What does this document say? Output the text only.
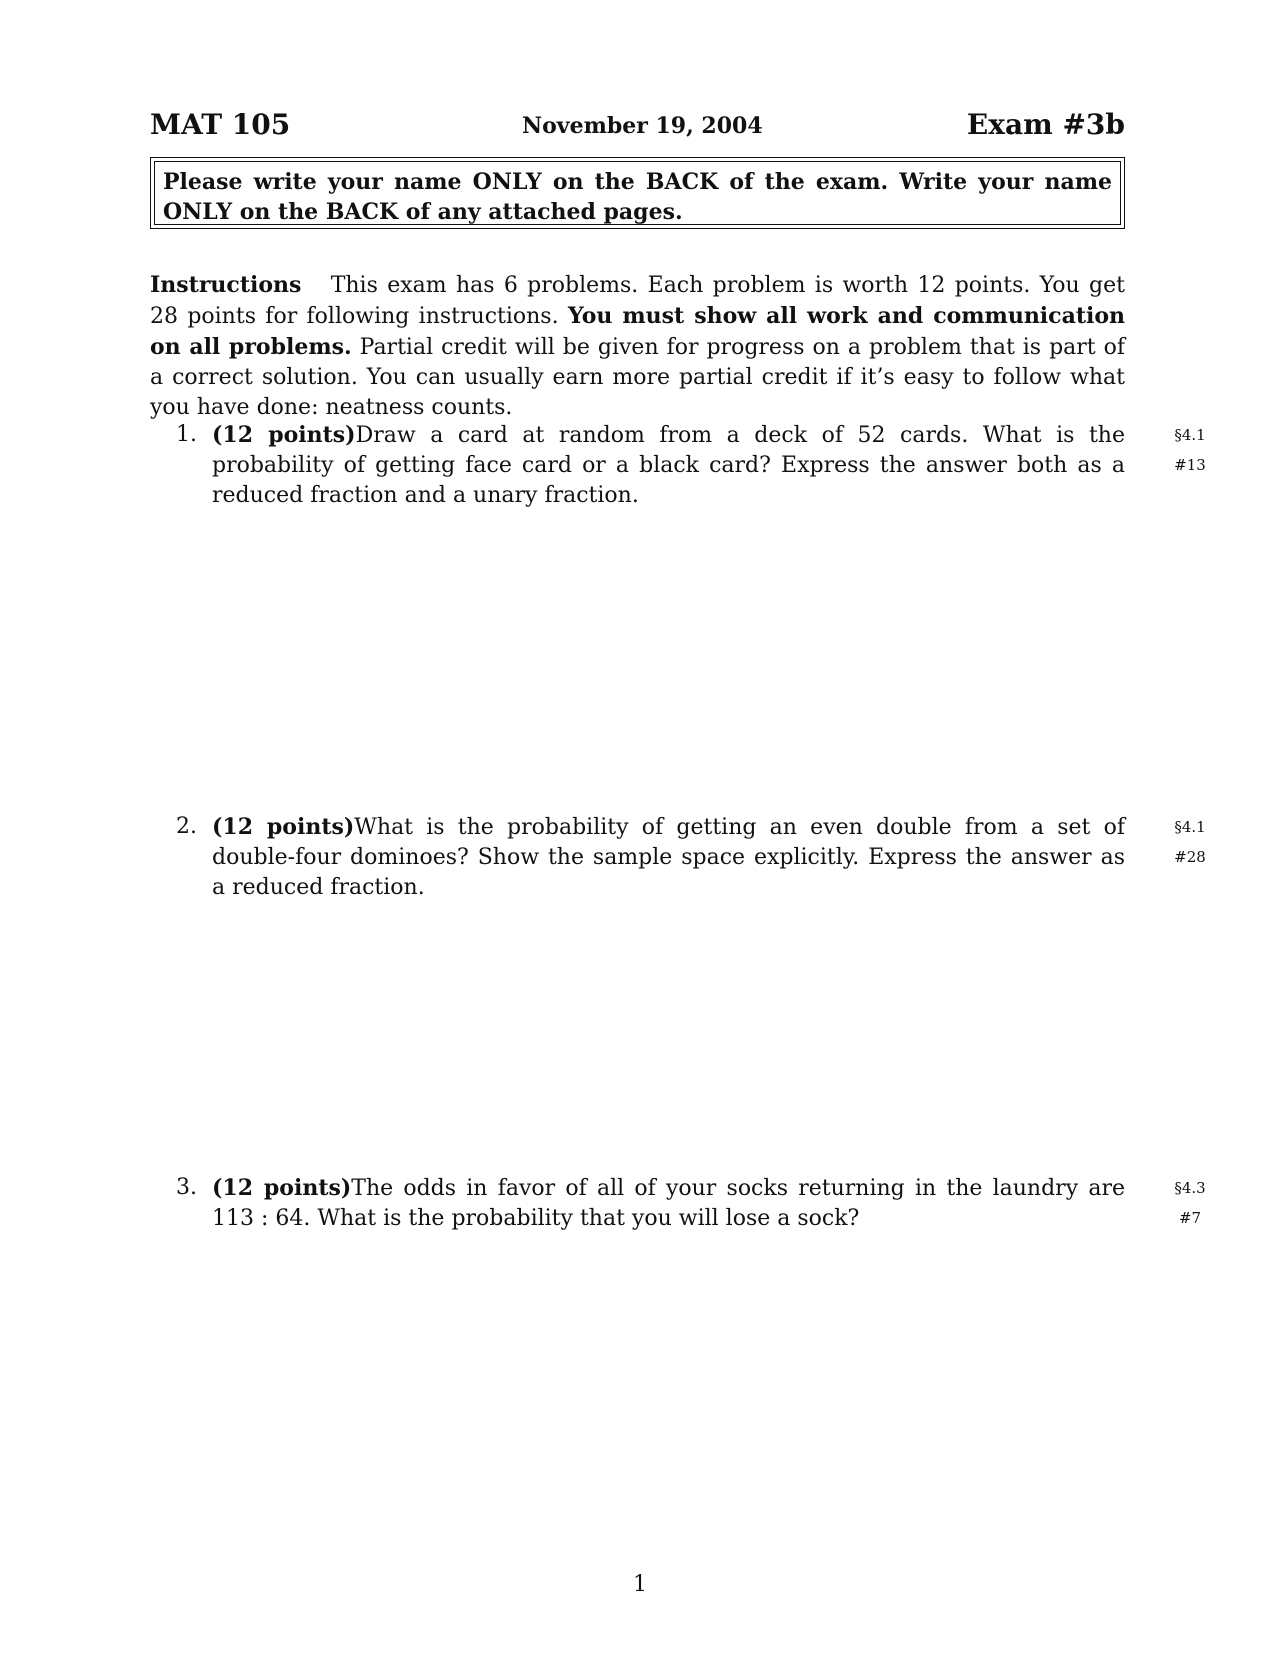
MAT 105	November 19, 2004	Exam #3b
Please write your name ONLY on the BACK of the exam. Write your name ONLY on the BACK of any attached pages.
Instructions This exam has 6 problems. Each problem is worth 12 points. You get 28 points for following instructions. You must show all work and communication on all problems. Partial credit will be given for progress on a problem that is part of a correct solution. You can usually earn more partial credit if it’s easy to follow what you have done: neatness counts.
1. (12 points)Draw a card at random from a deck of 52 cards. What is the probability of getting face card or a black card? Express the answer both as a reduced fraction and a unary fraction.
§4.1
#13
2. (12 points)What is the probability of getting an even double from a set of double-four dominoes? Show the sample space explicitly. Express the answer as a reduced fraction.
§4.1
#28
3. (12 points)The odds in favor of all of your socks returning in the laundry are 113 : 64. What is the probability that you will lose a sock?
§4.3
#7
1
